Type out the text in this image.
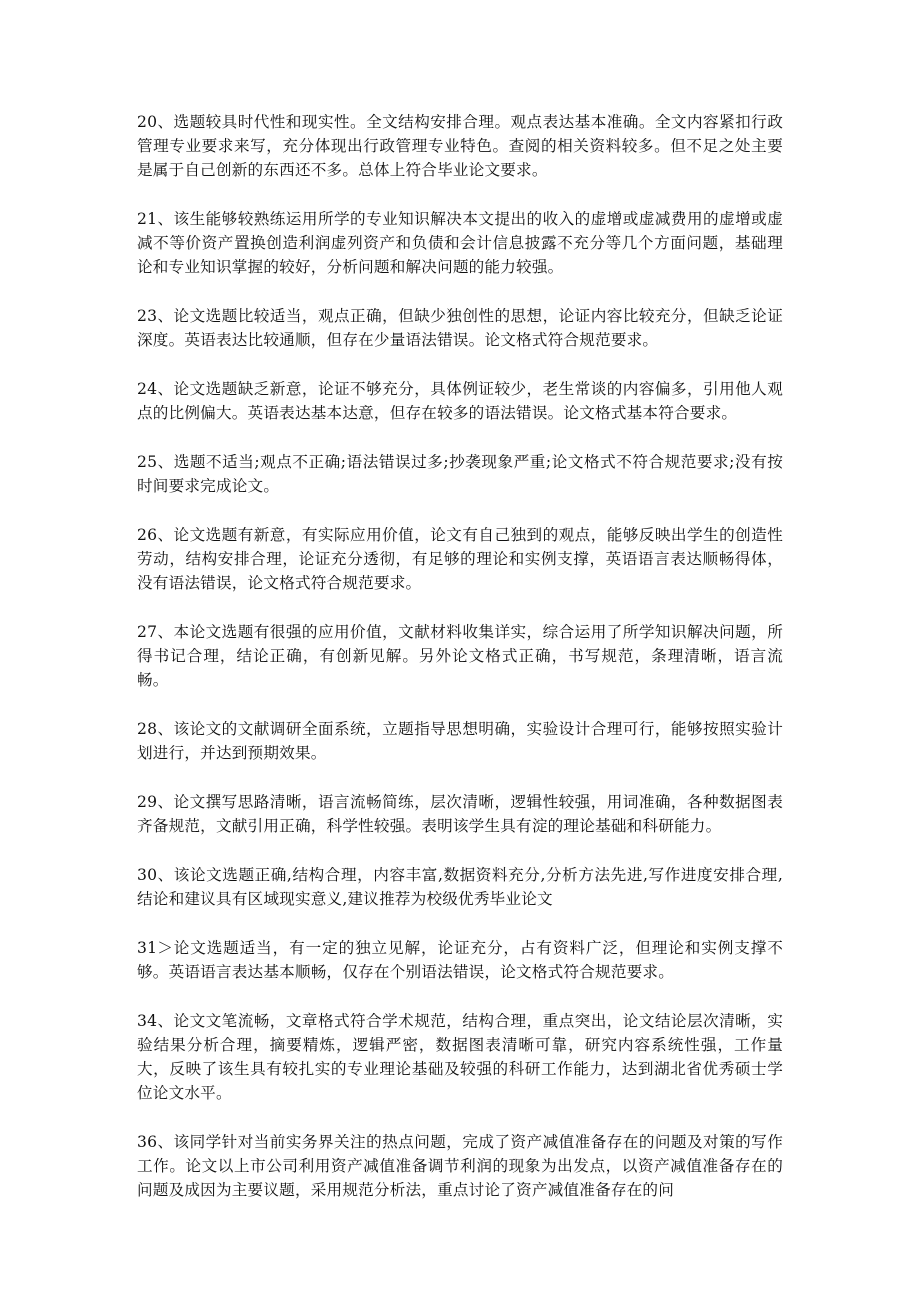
20、选题较具时代性和现实性。全文结构安排合理。观点表达基本准确。全文内容紧扣行政管理专业要求来写，充分体现出行政管理专业特色。查阅的相关资料较多。但不足之处主要是属于自己创新的东西还不多。总体上符合毕业论文要求。

21、该生能够较熟练运用所学的专业知识解决本文提出的收入的虚增或虚减费用的虚增或虚减不等价资产置换创造利润虚列资产和负债和会计信息披露不充分等几个方面问题，基础理论和专业知识掌握的较好，分析问题和解决问题的能力较强。

23、论文选题比较适当，观点正确，但缺少独创性的思想，论证内容比较充分，但缺乏论证深度。英语表达比较通顺，但存在少量语法错误。论文格式符合规范要求。

24、论文选题缺乏新意，论证不够充分，具体例证较少，老生常谈的内容偏多，引用他人观点的比例偏大。英语表达基本达意，但存在较多的语法错误。论文格式基本符合要求。

25、选题不适当;观点不正确;语法错误过多;抄袭现象严重;论文格式不符合规范要求;没有按时间要求完成论文。

26、论文选题有新意，有实际应用价值，论文有自己独到的观点，能够反映出学生的创造性劳动，结构安排合理，论证充分透彻，有足够的理论和实例支撑，英语语言表达顺畅得体，没有语法错误，论文格式符合规范要求。

27、本论文选题有很强的应用价值，文献材料收集详实，综合运用了所学知识解决问题，所得书记合理，结论正确，有创新见解。另外论文格式正确，书写规范，条理清晰，语言流畅。

28、该论文的文献调研全面系统，立题指导思想明确，实验设计合理可行，能够按照实验计划进行，并达到预期效果。

29、论文撰写思路清晰，语言流畅简练，层次清晰，逻辑性较强，用词准确，各种数据图表齐备规范，文献引用正确，科学性较强。表明该学生具有淀的理论基础和科研能力。

30、该论文选题正确,结构合理，内容丰富,数据资料充分,分析方法先进,写作进度安排合理,结论和建议具有区域现实意义,建议推荐为校级优秀毕业论文

31＞论文选题适当，有一定的独立见解，论证充分，占有资料广泛，但理论和实例支撑不够。英语语言表达基本顺畅，仅存在个别语法错误，论文格式符合规范要求。

34、论文文笔流畅，文章格式符合学术规范，结构合理，重点突出，论文结论层次清晰，实验结果分析合理，摘要精炼，逻辑严密，数据图表清晰可靠，研究内容系统性强，工作量大，反映了该生具有较扎实的专业理论基础及较强的科研工作能力，达到湖北省优秀硕士学位论文水平。

36、该同学针对当前实务界关注的热点问题，完成了资产减值准备存在的问题及对策的写作工作。论文以上市公司利用资产减值准备调节利润的现象为出发点，以资产减值准备存在的问题及成因为主要议题，采用规范分析法，重点讨论了资产减值准备存在的问
